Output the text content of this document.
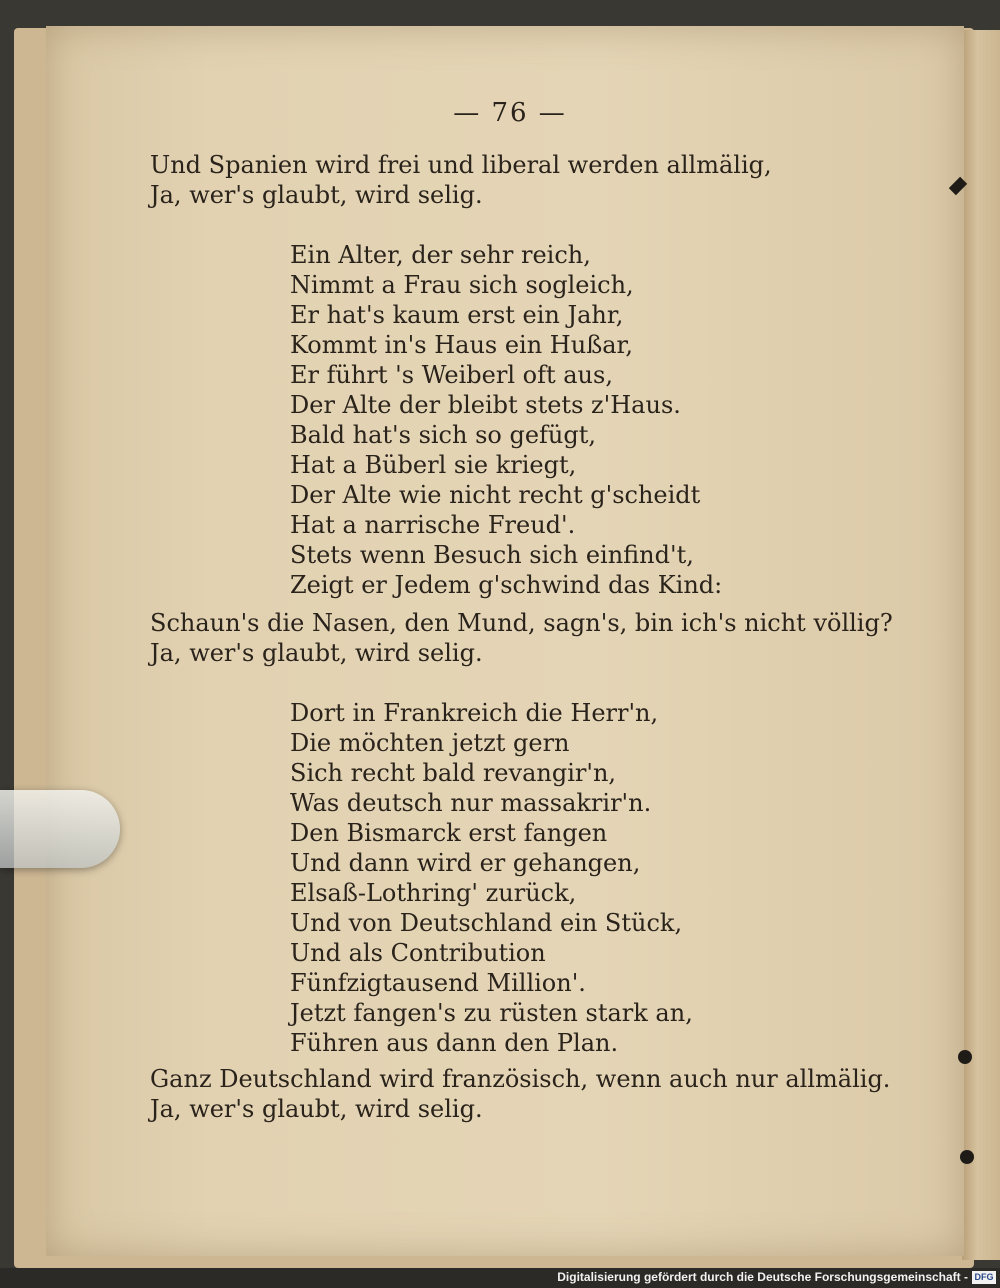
— 76 —
Und Spanien wird frei und liberal werden allmälig,
Ja, wer's glaubt, wird selig.
Ein Alter, der sehr reich,
Nimmt a Frau sich sogleich,
Er hat's kaum erst ein Jahr,
Kommt in's Haus ein Hußar,
Er führt 's Weiberl oft aus,
Der Alte der bleibt stets z'Haus.
Bald hat's sich so gefügt,
Hat a Büberl sie kriegt,
Der Alte wie nicht recht g'scheidt
Hat a narrische Freud'.
Stets wenn Besuch sich einfind't,
Zeigt er Jedem g'schwind das Kind:
Schaun's die Nasen, den Mund, sagn's, bin ich's nicht völlig?
Ja, wer's glaubt, wird selig.
Dort in Frankreich die Herr'n,
Die möchten jetzt gern
Sich recht bald revangir'n,
Was deutsch nur massakrir'n.
Den Bismarck erst fangen
Und dann wird er gehangen,
Elsaß-Lothring' zurück,
Und von Deutschland ein Stück,
Und als Contribution
Fünfzigtausend Million'.
Jetzt fangen's zu rüsten stark an,
Führen aus dann den Plan.
Ganz Deutschland wird französisch, wenn auch nur allmälig.
Ja, wer's glaubt, wird selig.
Digitalisierung gefördert durch die Deutsche Forschungsgemeinschaft - DFG
